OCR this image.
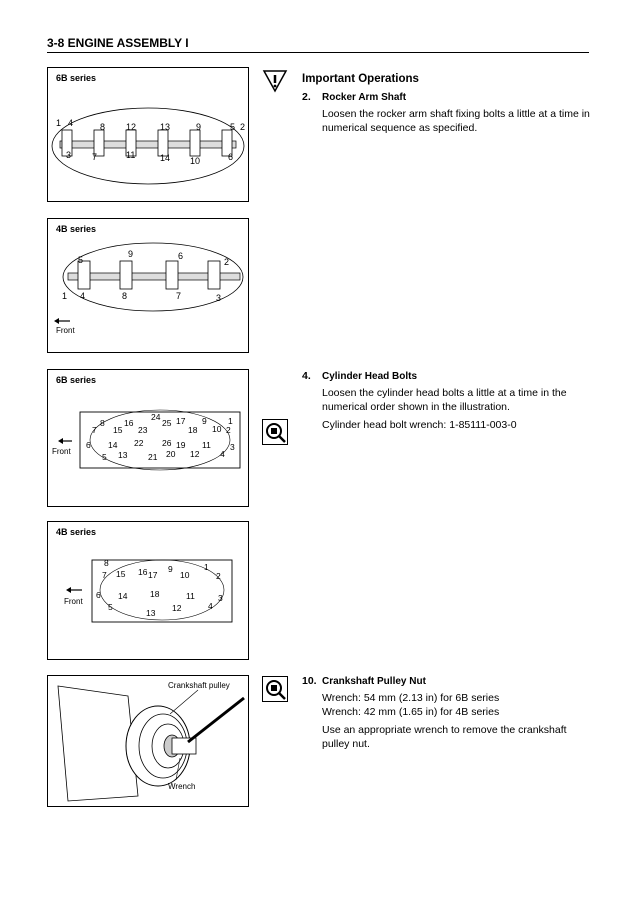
3-8 ENGINE ASSEMBLY I
6B series
1 4	8 12	13	9	5 2
3 7	11	14 10	6
4B series
9	6
5	2
1 4	8	7	3
Front
6B series
24
8 16	25 17 9	1
7 15 23	18 10 2
6 14 22 26 19 11 3
5 13 21 20 12 4
Front
4B series
8
9	1
7 15 16 17	10	2
6 14	18	11	3
5
13 12	4
Front
Crankshaft pulley
Wrench
Important Operations
2. Rocker Arm Shaft

Loosen the rocker arm shaft fixing bolts a little at a time in numerical sequence as specified.

4. Cylinder Head Bolts

Loosen the cylinder head bolts a little at a time in the numerical order shown in the illustration.

Cylinder head bolt wrench: 1-85111-003-0

10. Crankshaft Pulley Nut

Wrench: 54 mm (2.13 in) for 6B series

Wrench: 42 mm (1.65 in) for 4B series

Use an appropriate wrench to remove the crankshaft pulley nut.
